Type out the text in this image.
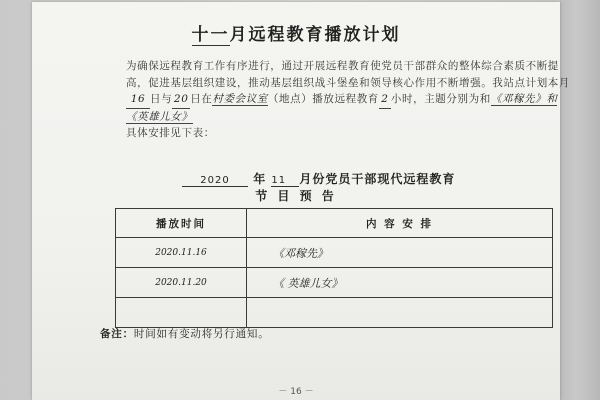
十一月远程教育播放计划
为确保远程教育工作有序进行，通过开展远程教育使党员干部群众的整体综合素质不断提高，促进基层组织建设，推动基层组织战斗堡垒和领导核心作用不断增强。我站点计划本月16 日与 20 日在村委会议室（地点）播放远程教育 2 小时，主题分别为和《邓稼先》和《英雄儿女》
具体安排见下表：
2020 年 11 月份党员干部现代远程教育
节 目 预 告
播放时间	内 容 安 排
2020.11.16	《邓稼先》
2020.11.20	《 英雄儿女》

备注：时间如有变动将另行通知。
－ 16 －
